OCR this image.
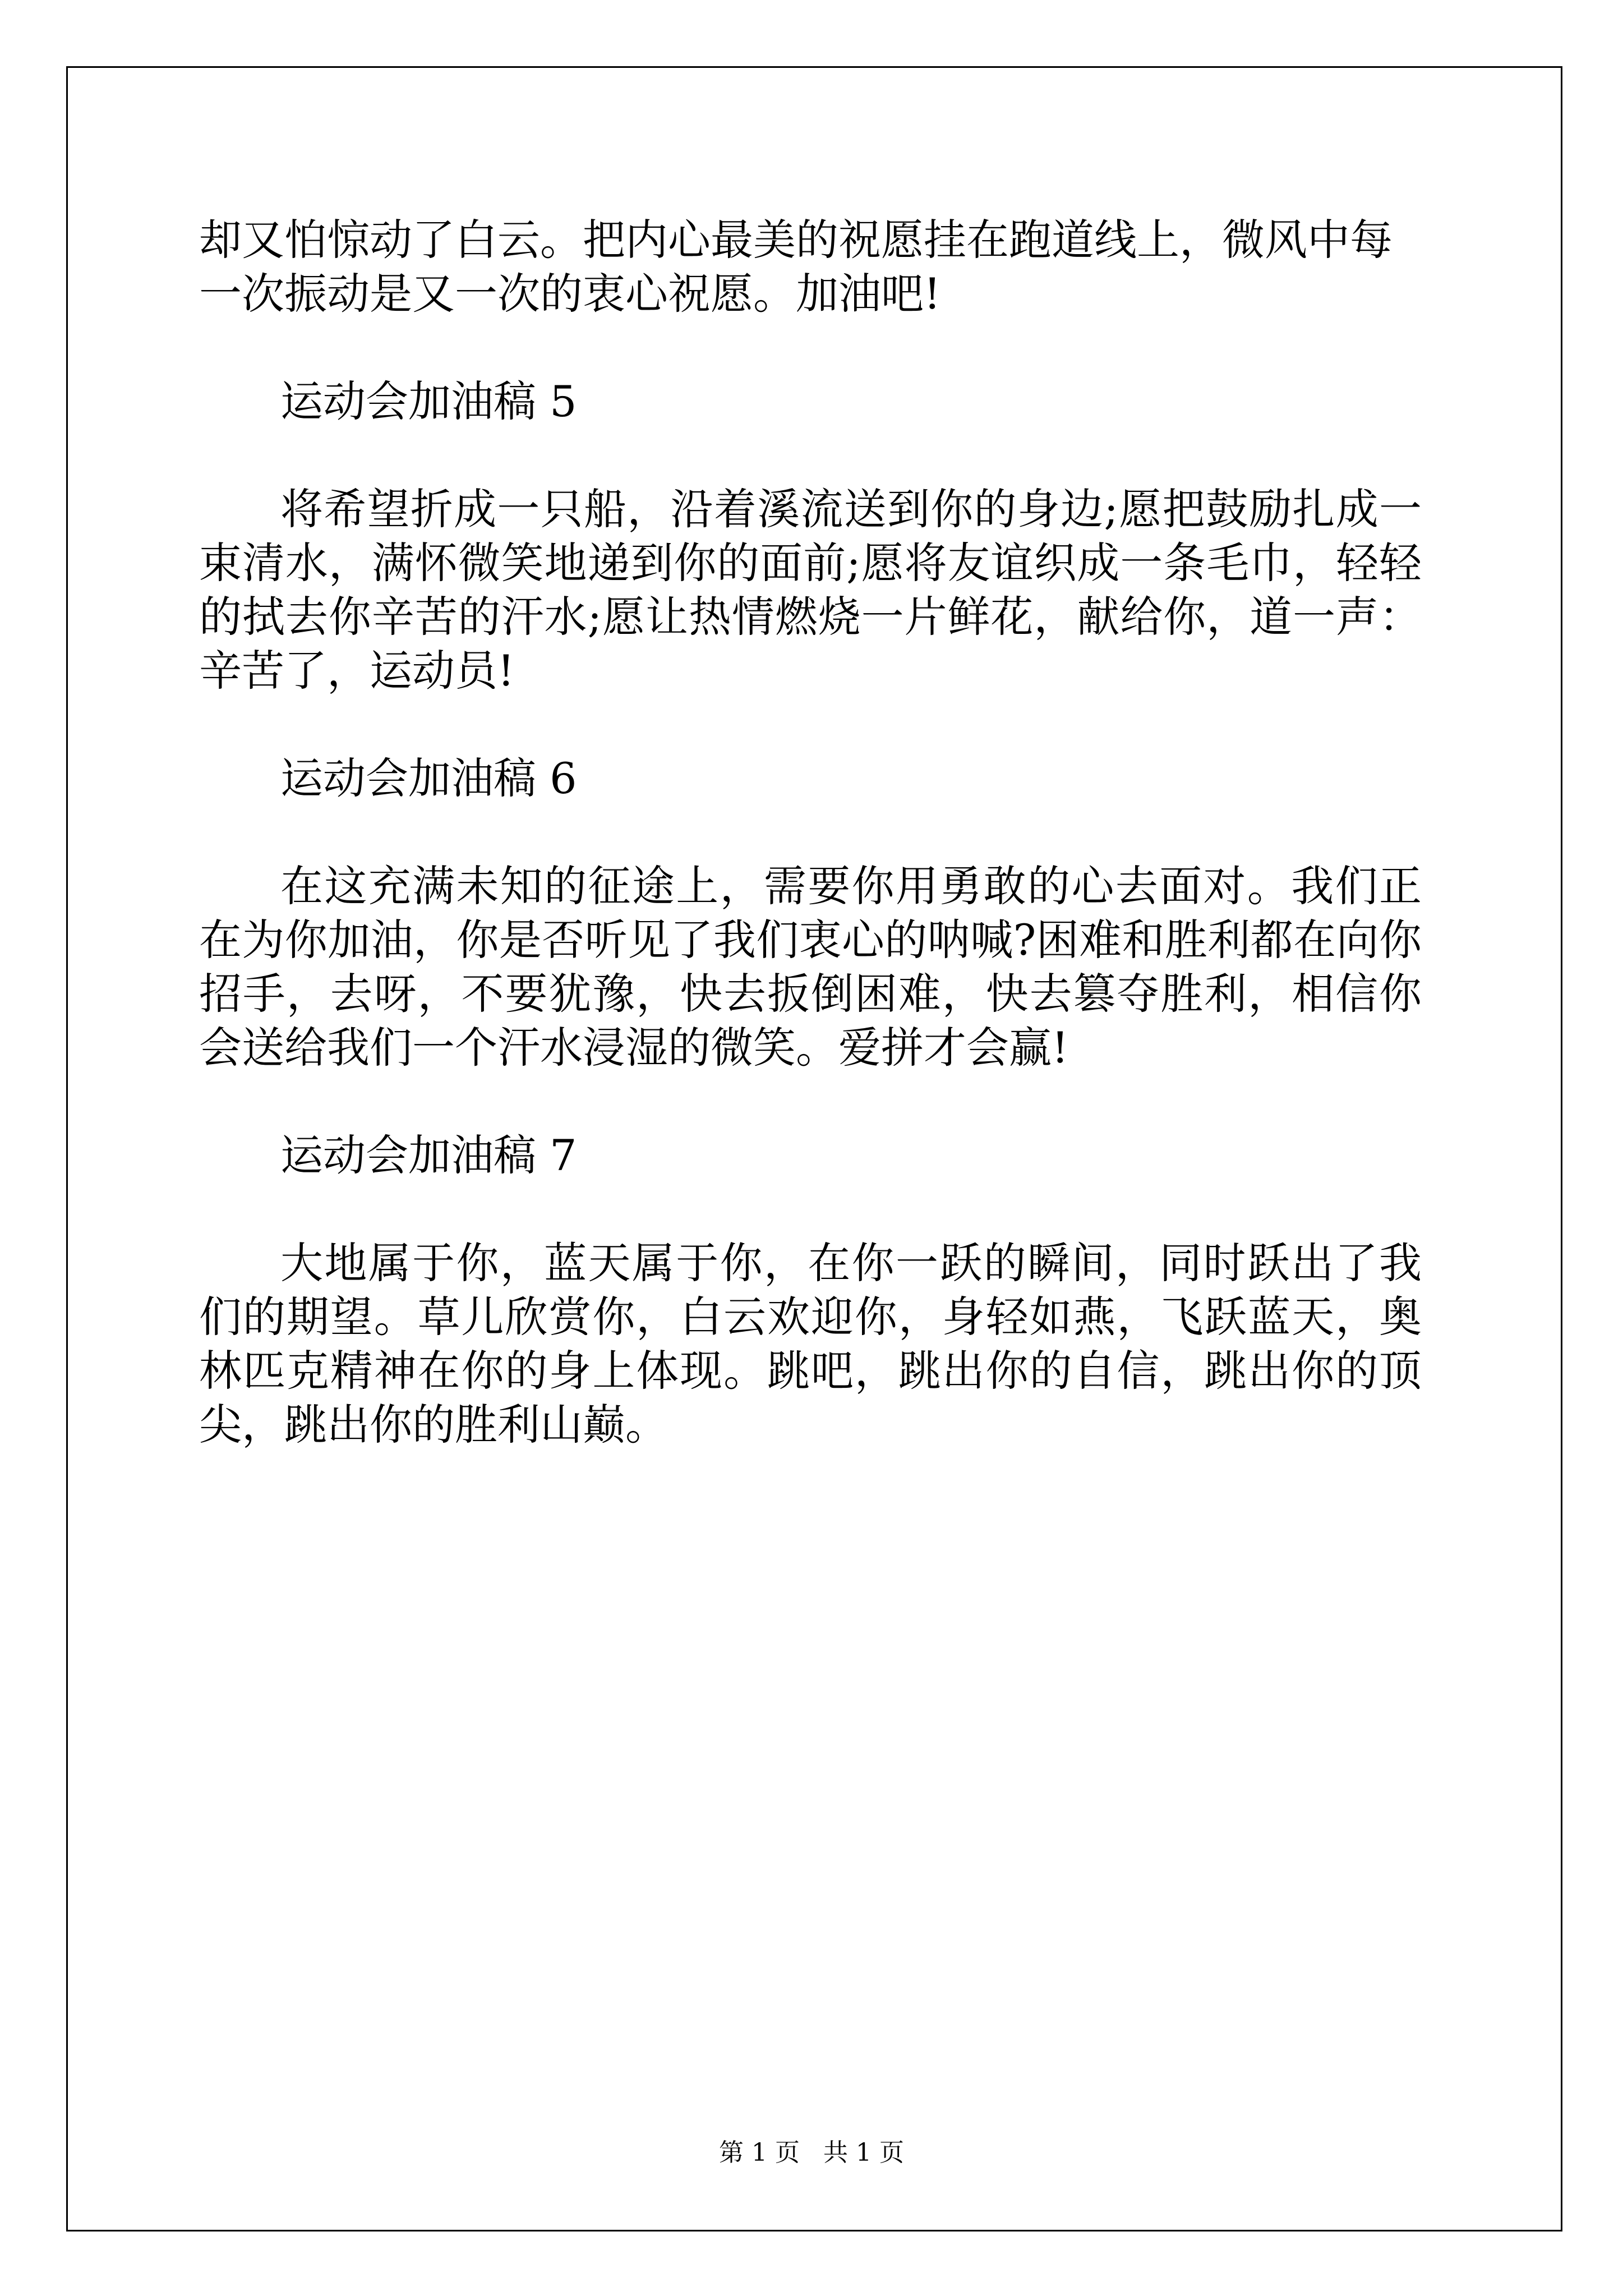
却又怕惊动了白云。把内心最美的祝愿挂在跑道线上，微风中每一次振动是又一次的衷心祝愿。加油吧!

运动会加油稿 5

将希望折成一只船，沿着溪流送到你的身边;愿把鼓励扎成一束清水，满怀微笑地递到你的面前;愿将友谊织成一条毛巾，轻轻的拭去你辛苦的汗水;愿让热情燃烧一片鲜花，献给你，道一声：辛苦了，运动员!

运动会加油稿 6

在这充满未知的征途上，需要你用勇敢的心去面对。我们正在为你加油，你是否听见了我们衷心的呐喊?困难和胜利都在向你招手，去呀，不要犹豫，快去扳倒困难，快去篡夺胜利，相信你会送给我们一个汗水浸湿的微笑。爱拼才会赢!

运动会加油稿 7

大地属于你，蓝天属于你，在你一跃的瞬间，同时跃出了我们的期望。草儿欣赏你，白云欢迎你，身轻如燕，飞跃蓝天，奥林匹克精神在你的身上体现。跳吧，跳出你的自信，跳出你的顶尖，跳出你的胜利山巅。

第 1 页 共 1 页
